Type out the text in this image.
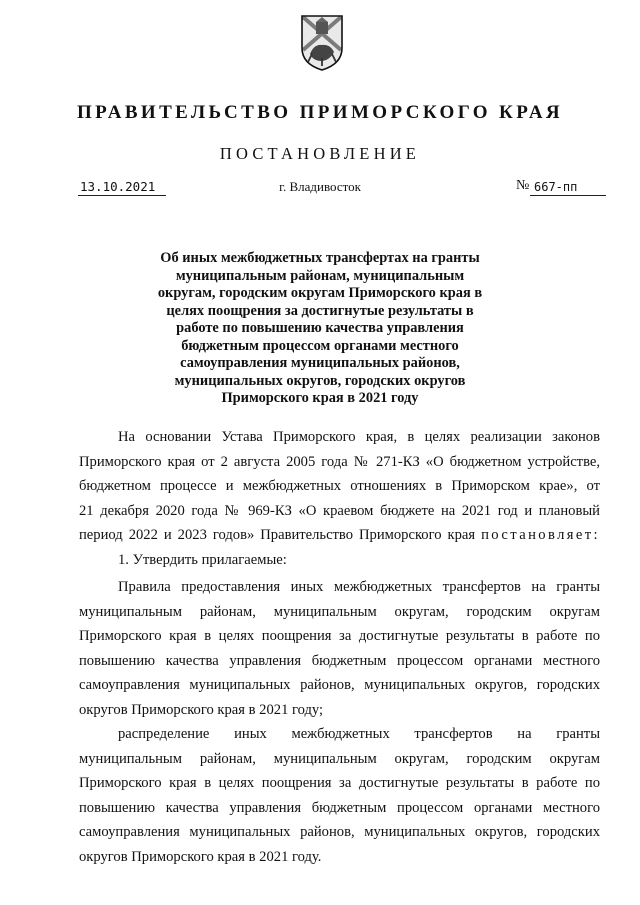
ПРАВИТЕЛЬСТВО ПРИМОРСКОГО КРАЯ
ПОСТАНОВЛЕНИЕ
13.10.2021	г. Владивосток	№ 667-пп
Об иных межбюджетных трансфертах на гранты
муниципальным районам, муниципальным
округам, городским округам Приморского края в
целях поощрения за достигнутые результаты в
работе по повышению качества управления
бюджетным процессом органами местного
самоуправления муниципальных районов,
муниципальных округов, городских округов
Приморского края в 2021 году

На основании Устава Приморского края, в целях реализации законов
Приморского края от 2 августа 2005 года № 271-КЗ «О бюджетном устройстве,
бюджетном процессе и межбюджетных отношениях в Приморском крае», от
21 декабря 2020 года № 969-КЗ «О краевом бюджете на 2021 год и плановый
период 2022 и 2023 годов» Правительство Приморского края постановляет:

1. Утвердить прилагаемые:

Правила предоставления иных межбюджетных трансфертов на гранты
муниципальным районам, муниципальным округам, городским округам
Приморского края в целях поощрения за достигнутые результаты в работе по
повышению качества управления бюджетным процессом органами местного
самоуправления муниципальных районов, муниципальных округов, городских
округов Приморского края в 2021 году;

распределение иных межбюджетных трансфертов на гранты
муниципальным районам, муниципальным округам, городским округам
Приморского края в целях поощрения за достигнутые результаты в работе по
повышению качества управления бюджетным процессом органами местного
самоуправления муниципальных районов, муниципальных округов, городских
округов Приморского края в 2021 году.
